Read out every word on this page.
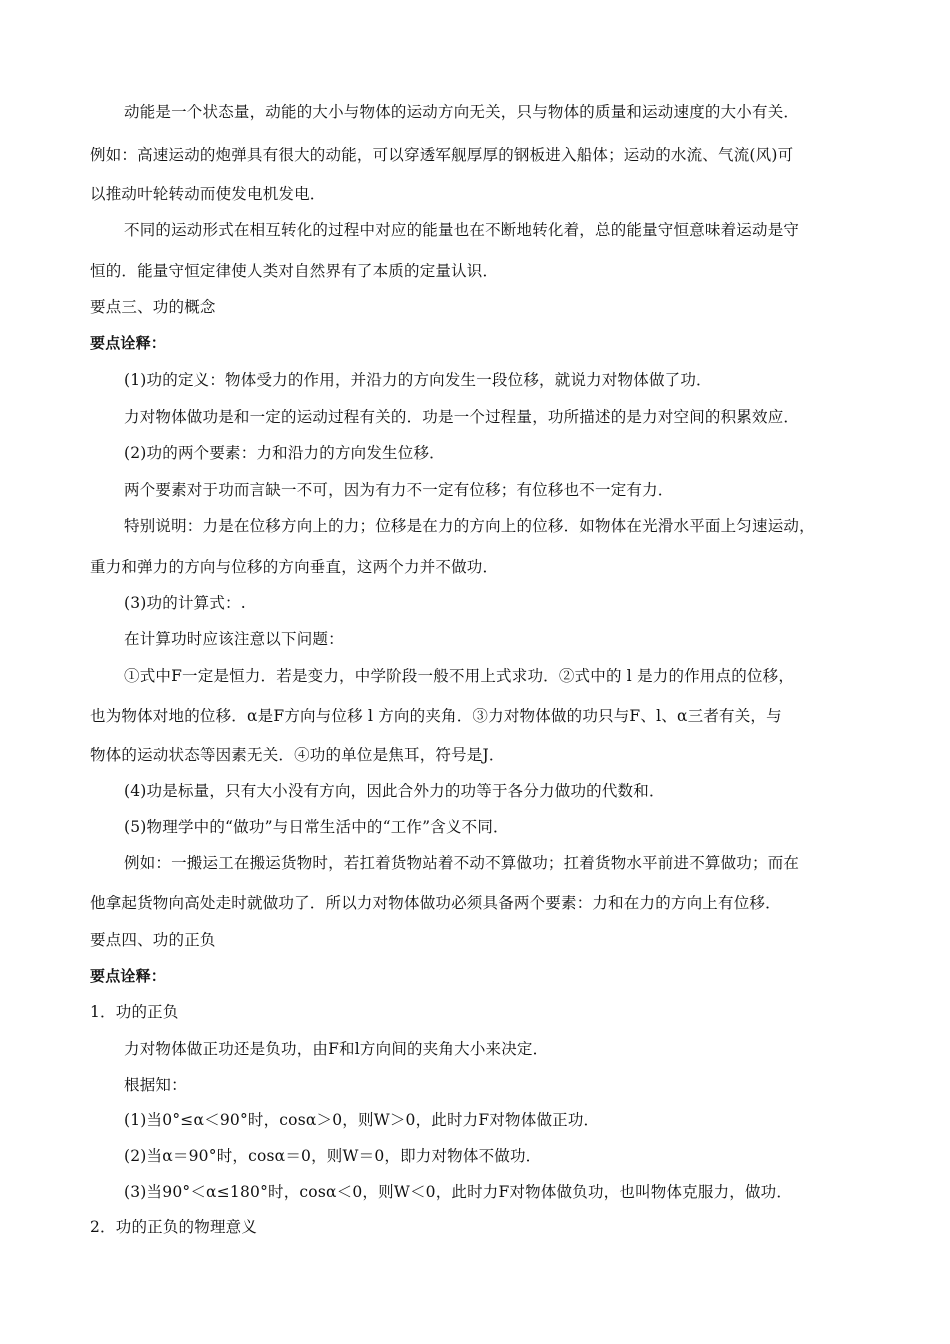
动能是一个状态量，动能的大小与物体的运动方向无关，只与物体的质量和运动速度的大小有关．
例如：高速运动的炮弹具有很大的动能，可以穿透军舰厚厚的钢板进入船体；运动的水流、气流(风)可
以推动叶轮转动而使发电机发电．
不同的运动形式在相互转化的过程中对应的能量也在不断地转化着，总的能量守恒意味着运动是守
恒的．能量守恒定律使人类对自然界有了本质的定量认识．
要点三、功的概念
要点诠释：
(1)功的定义：物体受力的作用，并沿力的方向发生一段位移，就说力对物体做了功．
力对物体做功是和一定的运动过程有关的．功是一个过程量，功所描述的是力对空间的积累效应．
(2)功的两个要素：力和沿力的方向发生位移．
两个要素对于功而言缺一不可，因为有力不一定有位移；有位移也不一定有力．
特别说明：力是在位移方向上的力；位移是在力的方向上的位移．如物体在光滑水平面上匀速运动，
重力和弹力的方向与位移的方向垂直，这两个力并不做功．
(3)功的计算式：.
在计算功时应该注意以下问题：
①式中F一定是恒力．若是变力，中学阶段一般不用上式求功．②式中的 l 是力的作用点的位移，
也为物体对地的位移．α是F方向与位移 l 方向的夹角．③力对物体做的功只与F、l、α三者有关，与
物体的运动状态等因素无关．④功的单位是焦耳，符号是J．
(4)功是标量，只有大小没有方向，因此合外力的功等于各分力做功的代数和．
(5)物理学中的“做功”与日常生活中的“工作”含义不同．
例如：一搬运工在搬运货物时，若扛着货物站着不动不算做功；扛着货物水平前进不算做功；而在
他拿起货物向高处走时就做功了．所以力对物体做功必须具备两个要素：力和在力的方向上有位移．
要点四、功的正负
要点诠释：
1．功的正负
力对物体做正功还是负功，由F和l方向间的夹角大小来决定．
根据知：
(1)当0°≤α＜90°时，cosα＞0，则W＞0，此时力F对物体做正功．
(2)当α＝90°时，cosα＝0，则W＝0，即力对物体不做功．
(3)当90°＜α≤180°时，cosα＜0，则W＜0，此时力F对物体做负功，也叫物体克服力，做功．
2．功的正负的物理意义
